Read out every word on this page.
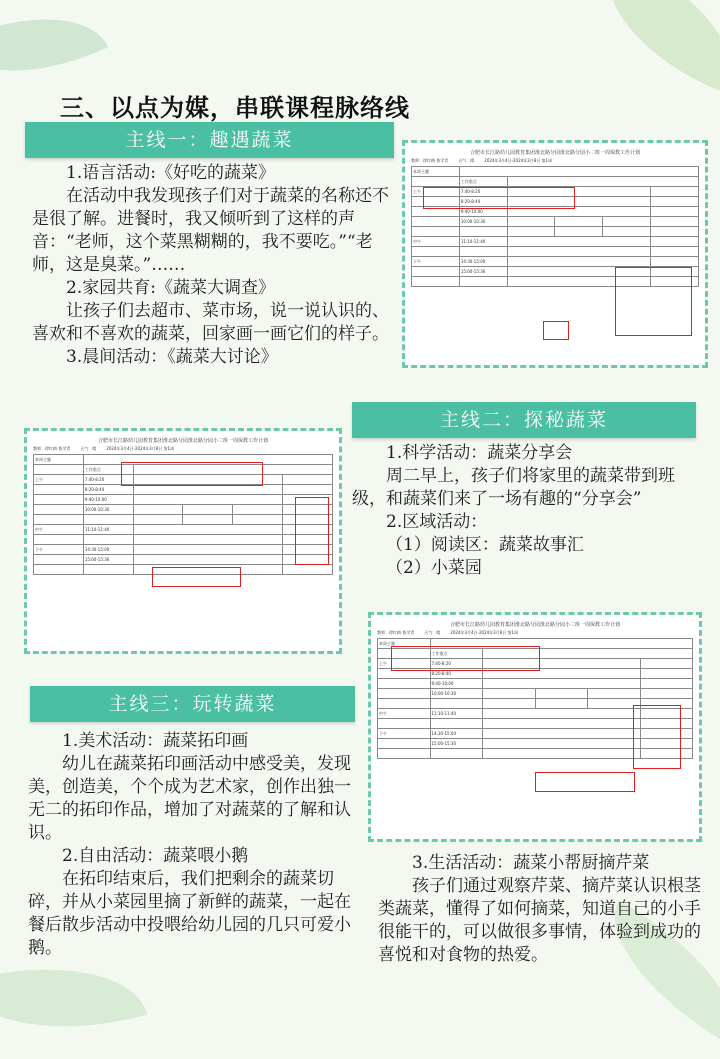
三、以点为媒，串联课程脉络线
主线一：趣遇蔬菜

1.语言活动:《好吃的蔬菜》

在活动中我发现孩子们对于蔬菜的名称还不是很了解。进餐时，我又倾听到了这样的声音：“老师，这个菜黑糊糊的，我不要吃。”“老师，这是臭菜。”……

2.家园共育:《蔬菜大调查》

让孩子们去超市、菜市场，说一说认识的、喜欢和不喜欢的蔬菜，回家画一画它们的样子。

3.晨间活动：《蔬菜大讨论》

合肥市长江路幼儿园教育集团淮北路分园淮北路分园小二班一周保教工作计划
教师：徐红梅 鲁学青	天气：晴	2024年3月4日-2024年3月8日 第1周
本周主题					
	工作重点				
上午	7:40-8:20				
	8:20-8:40				
	9:40-10:00				
	10:00-10:30				

中午	11:10-11:40				

下午	14:30-15:00				
	15:00-15:30				

合肥市长江路幼儿园教育集团淮北路分园淮北路分园小二班一周保教工作计划
教师：徐红梅 鲁学青	天气：晴	2024年3月4日-2024年3月8日 第1周
本周主题					
	工作重点				
上午	7:40-8:20				
	8:20-8:40				
	9:40-10:00				
	10:00-10:30				

中午	11:10-11:40				

下午	14:30-15:00				
	15:00-15:30				

主线二：探秘蔬菜

1.科学活动：蔬菜分享会

周二早上，孩子们将家里的蔬菜带到班级，和蔬菜们来了一场有趣的“分享会”

2.区域活动：

（1）阅读区：蔬菜故事汇

（2）小菜园

合肥市长江路幼儿园教育集团淮北路分园淮北路分园小二班一周保教工作计划
教师：徐红梅 鲁学青	天气：晴	2024年3月4日-2024年3月8日 第1周
本周主题					
	工作重点				
上午	7:40-8:20				
	8:20-8:40				
	9:40-10:00				
	10:00-10:30				

中午	11:10-11:40				

下午	14:30-15:00				
	15:00-15:30				

主线三：玩转蔬菜

1.美术活动：蔬菜拓印画

幼儿在蔬菜拓印画活动中感受美，发现美，创造美，个个成为艺术家，创作出独一无二的拓印作品，增加了对蔬菜的了解和认识。

2.自由活动：蔬菜喂小鹅

在拓印结束后，我们把剩余的蔬菜切碎，并从小菜园里摘了新鲜的蔬菜，一起在餐后散步活动中投喂给幼儿园的几只可爱小鹅。

3.生活活动：蔬菜小帮厨摘芹菜

孩子们通过观察芹菜、摘芹菜认识根茎类蔬菜，懂得了如何摘菜，知道自己的小手很能干的，可以做很多事情，体验到成功的喜悦和对食物的热爱。
